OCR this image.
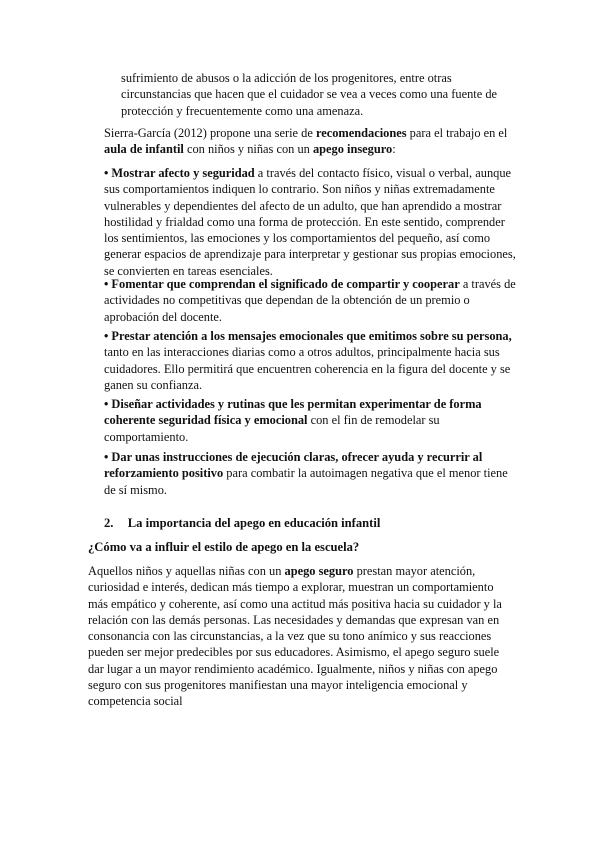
sufrimiento de abusos o la adicción de los progenitores, entre otras circunstancias que hacen que el cuidador se vea a veces como una fuente de protección y frecuentemente como una amenaza.

Sierra-García (2012) propone una serie de recomendaciones para el trabajo en el aula de infantil con niños y niñas con un apego inseguro:

• Mostrar afecto y seguridad a través del contacto físico, visual o verbal, aunque sus comportamientos indiquen lo contrario. Son niños y niñas extremadamente vulnerables y dependientes del afecto de un adulto, que han aprendido a mostrar hostilidad y frialdad como una forma de protección. En este sentido, comprender los sentimientos, las emociones y los comportamientos del pequeño, así como generar espacios de aprendizaje para interpretar y gestionar sus propias emociones, se convierten en tareas esenciales.

• Fomentar que comprendan el significado de compartir y cooperar a través de actividades no competitivas que dependan de la obtención de un premio o aprobación del docente.

• Prestar atención a los mensajes emocionales que emitimos sobre su persona, tanto en las interacciones diarias como a otros adultos, principalmente hacia sus cuidadores. Ello permitirá que encuentren coherencia en la figura del docente y se ganen su confianza.

• Diseñar actividades y rutinas que les permitan experimentar de forma coherente seguridad física y emocional con el fin de remodelar su comportamiento.

• Dar unas instrucciones de ejecución claras, ofrecer ayuda y recurrir al reforzamiento positivo para combatir la autoimagen negativa que el menor tiene de sí mismo.

2. La importancia del apego en educación infantil
¿Cómo va a influir el estilo de apego en la escuela?

Aquellos niños y aquellas niñas con un apego seguro prestan mayor atención, curiosidad e interés, dedican más tiempo a explorar, muestran un comportamiento más empático y coherente, así como una actitud más positiva hacia su cuidador y la relación con las demás personas. Las necesidades y demandas que expresan van en consonancia con las circunstancias, a la vez que su tono anímico y sus reacciones pueden ser mejor predecibles por sus educadores. Asimismo, el apego seguro suele dar lugar a un mayor rendimiento académico. Igualmente, niños y niñas con apego seguro con sus progenitores manifiestan una mayor inteligencia emocional y competencia social
